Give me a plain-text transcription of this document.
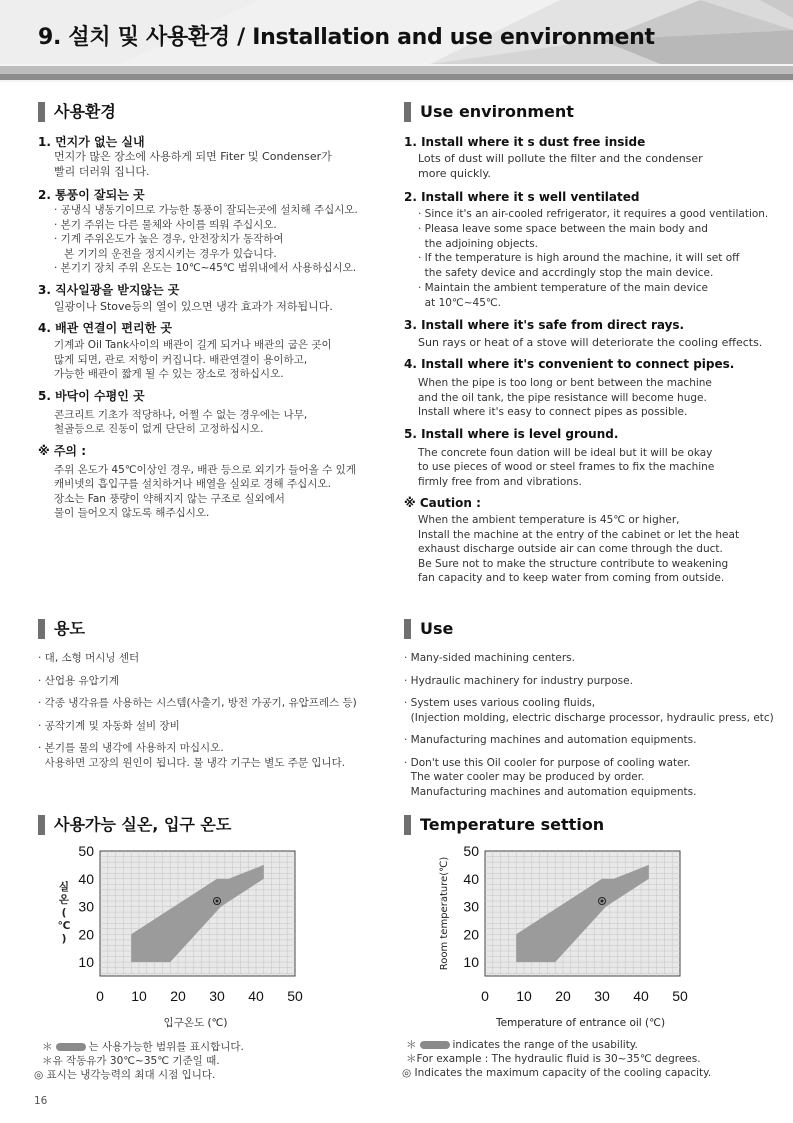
9. 설치 및 사용환경 / Installation and use environment
사용환경
1. 먼지가 없는 실내
먼지가 많은 장소에 사용하게 되면 Fiter 및 Condenser가
빨리 더러워 집니다.
2. 통풍이 잘되는 곳
· 공냉식 냉동기이므로 가능한 통풍이 잘되는곳에 설치해 주십시오.
· 본기 주위는 다른 물체와 사이를 띄워 주십시오.
· 기계 주위온도가 높은 경우, 안전장치가 동작하여
본 기기의 운전을 정지시키는 경우가 있습니다.
· 본기기 장치 주위 온도는 10℃~45℃ 범위내에서 사용하십시오.
3. 직사일광을 받지않는 곳
일광이나 Stove등의 열이 있으면 냉각 효과가 저하됩니다.
4. 배관 연결이 편리한 곳
기계과 Oil Tank사이의 배관이 길게 되거나 배관의 굽은 곳이
많게 되면, 관로 저항이 커집니다. 배관연결이 용이하고,
가능한 배관이 짧게 될 수 있는 장소로 정하십시오.
5. 바닥이 수평인 곳
콘크리트 기초가 적당하나, 어쩔 수 없는 경우에는 나무,
철골등으로 진동이 없게 단단히 고정하십시오.
※ 주의 :
주위 온도가 45℃이상인 경우, 배관 등으로 외기가 들어올 수 있게
캐비넷의 흡입구를 설치하거나 배열을 실외로 경해 주십시오.
장소는 Fan 풍량이 약해지지 않는 구조로 실외에서
물이 들어오지 않도록 해주십시오.
Use environment
1. Install where it s dust free inside
Lots of dust will pollute the filter and the condenser
more quickly.
2. Install where it s well ventilated
· Since it's an air-cooled refrigerator, it requires a good ventilation.
· Pleasa leave some space between the main body and
the adjoining objects.
· If the temperature is high around the machine, it will set off
the safety device and accrdingly stop the main device.
· Maintain the ambient temperature of the main device
at 10℃~45℃.
3. Install where it's safe from direct rays.
Sun rays or heat of a stove will deteriorate the cooling effects.
4. Install where it's convenient to connect pipes.
When the pipe is too long or bent between the machine
and the oil tank, the pipe resistance will become huge.
Install where it's easy to connect pipes as possible.
5. Install where is level ground.
The concrete foun dation will be ideal but it will be okay
to use pieces of wood or steel frames to fix the machine
firmly free from and vibrations.
※ Caution :
When the ambient temperature is 45℃ or higher,
Install the machine at the entry of the cabinet or let the heat
exhaust discharge outside air can come through the duct.
Be Sure not to make the structure contribute to weakening
fan capacity and to keep water from coming from outside.
용도
· 대, 소형 머시닝 센터
· 산업용 유압기계
· 각종 냉각유를 사용하는 시스템(사출기, 방전 가공기, 유압프레스 등)
· 공작기계 및 자동화 설비 장비
· 본기를 물의 냉각에 사용하지 마십시오.
사용하면 고장의 원인이 됩니다. 물 냉각 기구는 별도 주문 입니다.
Use
· Many-sided machining centers.
· Hydraulic machinery for industry purpose.
· System uses various cooling fluids,
(Injection molding, electric discharge processor, hydraulic press, etc)
· Manufacturing machines and automation equipments.
· Don't use this Oil cooler for purpose of cooling water.
The water cooler may be produced by order.
Manufacturing machines and automation equipments.
사용가능 실온, 입구 온도	Temperature settion
10
20
30
40
50
0 10 20 30 40 50
입구온도 (℃)
실 온 ( ℃ )
10
20
30
40
50
0 10 20 30 40 50
Temperature of entrance oil (℃)
Room temperature(℃)
＊	는 사용가능한 범위를 표시합니다.
＊유 작동유가 30℃~35℃ 기준일 때.
◎ 표시는 냉각능력의 최대 시점 입니다.
＊	indicates the range of the usability.
＊For example : The hydraulic fluid is 30~35℃ degrees.
◎ Indicates the maximum capacity of the cooling capacity.
16
